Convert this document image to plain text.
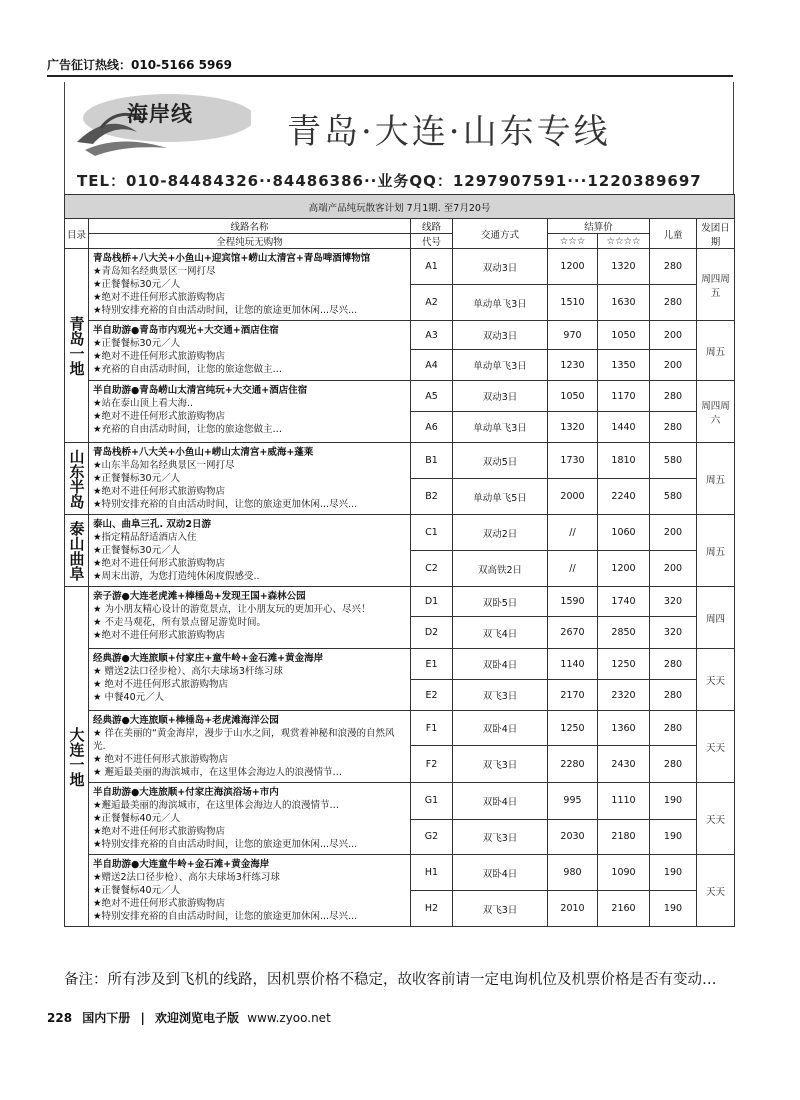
广告征订热线：010-5166 5969
海岸线	青岛·大连·山东专线
TEL：010-84484326··84486386··业务QQ：1297907591···1220389697
高端产品纯玩散客计划 7月1期. 至7月20号							
目录	线路名称	线路	交通方式	结算价		儿童	发团日期
	全程纯玩无购物	代号		☆☆☆	☆☆☆☆		

青岛一地	青岛栈桥+八大关+小鱼山+迎宾馆+崂山太清宫+青岛啤酒博物馆
★青岛知名经典景区一网打尽
★正餐餐标30元／人
★绝对不进任何形式旅游购物店
★特别安排充裕的自由活动时间，让您的旅途更加休闲...尽兴...	A1	双动3日	1200	1320	280	周四周五
		A2	单动单飞3日	1510	1630	280	

	半自助游●青岛市内观光+大交通+酒店住宿
★正餐餐标30元／人
★绝对不进任何形式旅游购物店
★充裕的自由活动时间，让您的旅途您做主…	A3	双动3日	970	1050	200	周五
		A4	单动单飞3日	1230	1350	200	

	半自助游●青岛崂山太清宫纯玩+大交通+酒店住宿
★站在泰山顶上看大海..
★绝对不进任何形式旅游购物店
★充裕的自由活动时间，让您的旅途您做主…	A5	双动3日	1050	1170	280	周四周六
		A6	单动单飞3日	1320	1440	280	

山东半岛	青岛栈桥+八大关+小鱼山+崂山太清宫+威海+蓬莱
★山东半岛知名经典景区一网打尽
★正餐餐标30元／人
★绝对不进任何形式旅游购物店
★特别安排充裕的自由活动时间，让您的旅途更加休闲...尽兴...	B1	双动5日	1730	1810	580	周五
		B2	单动单飞5日	2000	2240	580	

泰山曲阜	泰山、曲阜三孔. 双动2日游
★指定精品舒适酒店入住
★正餐餐标30元／人
★绝对不进任何形式旅游购物店
★周末出游，为您打造纯休闲度假感受..	C1	双动2日	//	1060	200	周五
		C2	双高铁2日	//	1200	200	

大连一地	亲子游●大连老虎滩+棒棰岛+发现王国+森林公园
★ 为小朋友精心设计的游览景点，让小朋友玩的更加开心、尽兴！
★ 不走马观花，所有景点留足游览时间。
★绝对不进任何形式旅游购物店	D1	双卧5日	1590	1740	320	周四
		D2	双飞4日	2670	2850	320	

	经典游●大连旅顺+付家庄+童牛岭+金石滩+黄金海岸
★ 赠送2法口径步枪）、高尔夫球场3杆练习球
★ 绝对不进任何形式旅游购物店
★ 中餐40元／人	E1	双卧4日	1140	1250	280	天天
		E2	双飞3日	2170	2320	280	

	经典游●大连旅顺+棒棰岛+老虎滩海洋公园
★ 徉在美丽的“黄金海岸，漫步于山水之间，观赏着神秘和浪漫的自然风 光.
★ 绝对不进任何形式旅游购物店
★ 邂逅最美丽的海滨城市，在这里体会海边人的浪漫情节…	F1	双卧4日	1250	1360	280	天天
		F2	双飞3日	2280	2430	280	

	半自助游●大连旅顺+付家庄海滨浴场+市内
★邂逅最美丽的海滨城市，在这里体会海边人的浪漫情节…
★正餐餐标40元／人
★绝对不进任何形式旅游购物店
★特别安排充裕的自由活动时间，让您的旅途更加休闲...尽兴...	G1	双卧4日	995	1110	190	天天
		G2	双飞3日	2030	2180	190	

	半自助游●大连童牛岭+金石滩+黄金海岸
★赠送2法口径步枪）、高尔夫球场3杆练习球
★正餐餐标40元／人
★绝对不进任何形式旅游购物店
★特别安排充裕的自由活动时间，让您的旅途更加休闲...尽兴...	H1	双卧4日	980	1090	190	天天
		H2	双飞3日	2010	2160	190	
备注：所有涉及到飞机的线路，因机票价格不稳定，故收客前请一定电询机位及机票价格是否有变动…
228 国内下册 | 欢迎浏览电子版 www.zyoo.net
